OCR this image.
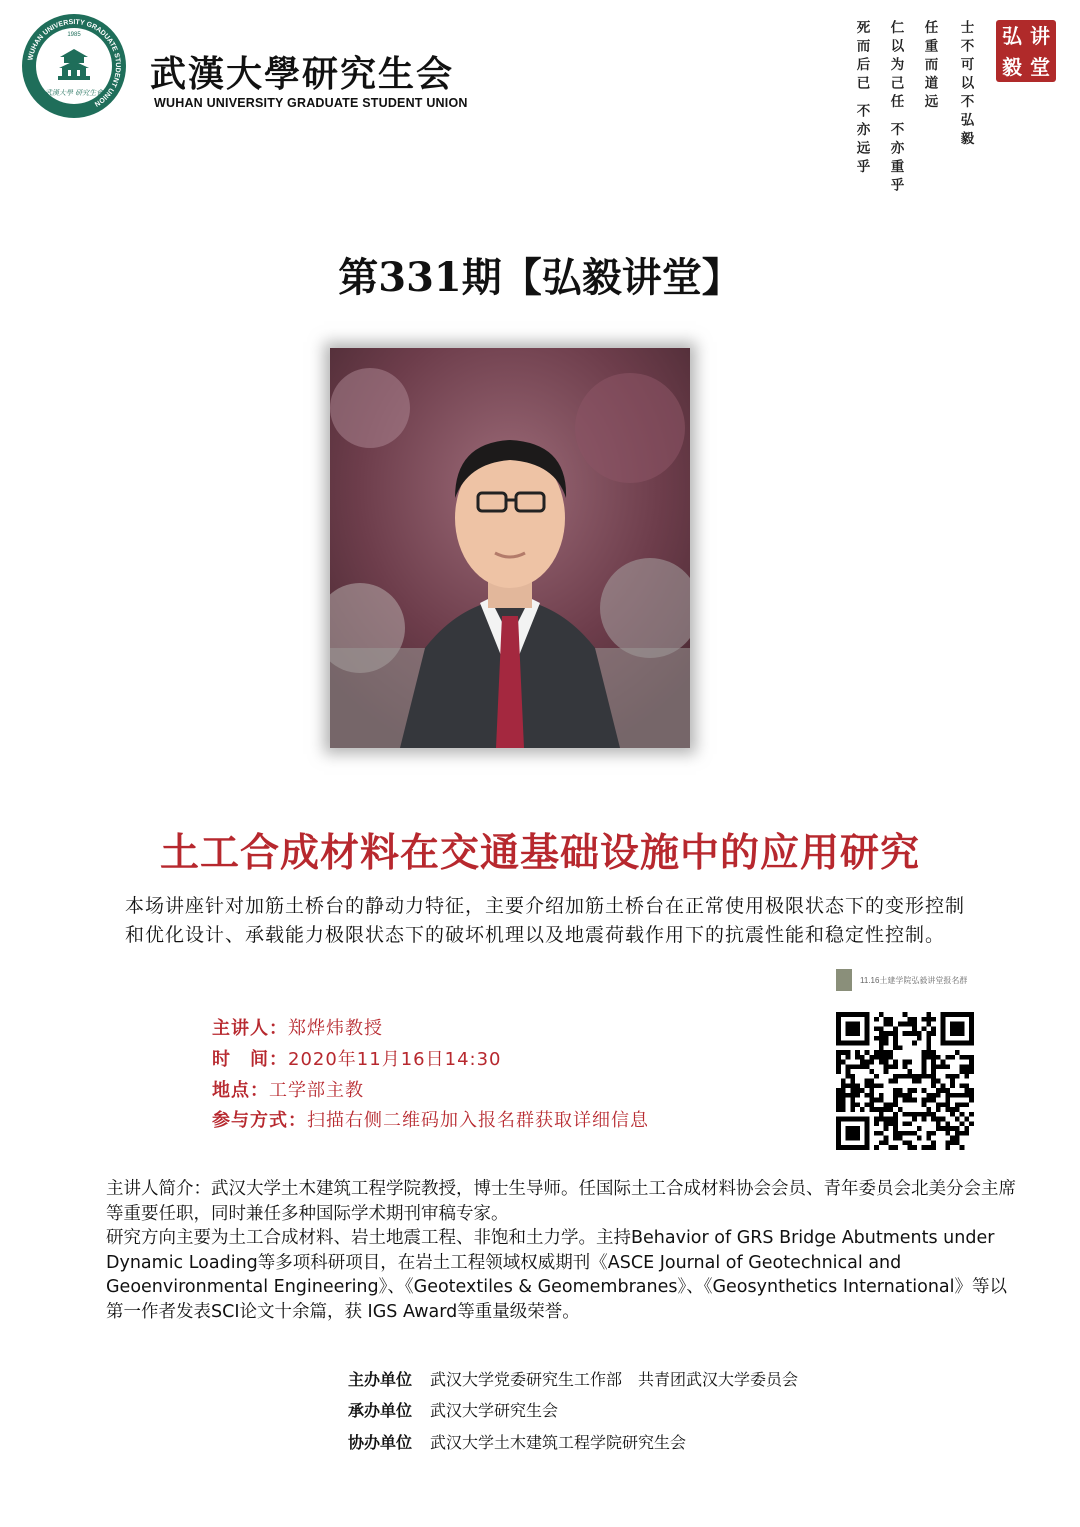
WUHAN UNIVERSITY GRADUATE STUDENT UNION
1985
武漢大學 研究生會 武漢大學研究生会
WUHAN UNIVERSITY GRADUATE STUDENT UNION	士不可以不弘毅
任重而道远
仁以为己任 不亦重乎
死而后已 不亦远乎	弘 讲
毅 堂
第331期【弘毅讲堂】
土工合成材料在交通基础设施中的应用研究
本场讲座针对加筋土桥台的静动力特征，主要介绍加筋土桥台在正常使用极限状态下的变形控制和优化设计、承载能力极限状态下的破坏机理以及地震荷载作用下的抗震性能和稳定性控制。
主讲人：郑烨炜教授
时　间：2020年11月16日14:30
地点：工学部主教
参与方式：扫描右侧二维码加入报名群获取详细信息
11.16土建学院弘毅讲堂报名群

主讲人简介：武汉大学土木建筑工程学院教授，博士生导师。任国际土工合成材料协会会员、青年委员会北美分会主席等重要任职，同时兼任多种国际学术期刊审稿专家。

研究方向主要为土工合成材料、岩土地震工程、非饱和土力学。主持Behavior of GRS Bridge Abutments under Dynamic Loading等多项科研项目，在岩土工程领域权威期刊《ASCE Journal of Geotechnical and Geoenvironmental Engineering》、《Geotextiles & Geomembranes》、《Geosynthetics International》等以第一作者发表SCI论文十余篇，获 IGS Award等重量级荣誉。

主办单位 武汉大学党委研究生工作部　共青团武汉大学委员会
承办单位 武汉大学研究生会
协办单位 武汉大学土木建筑工程学院研究生会
